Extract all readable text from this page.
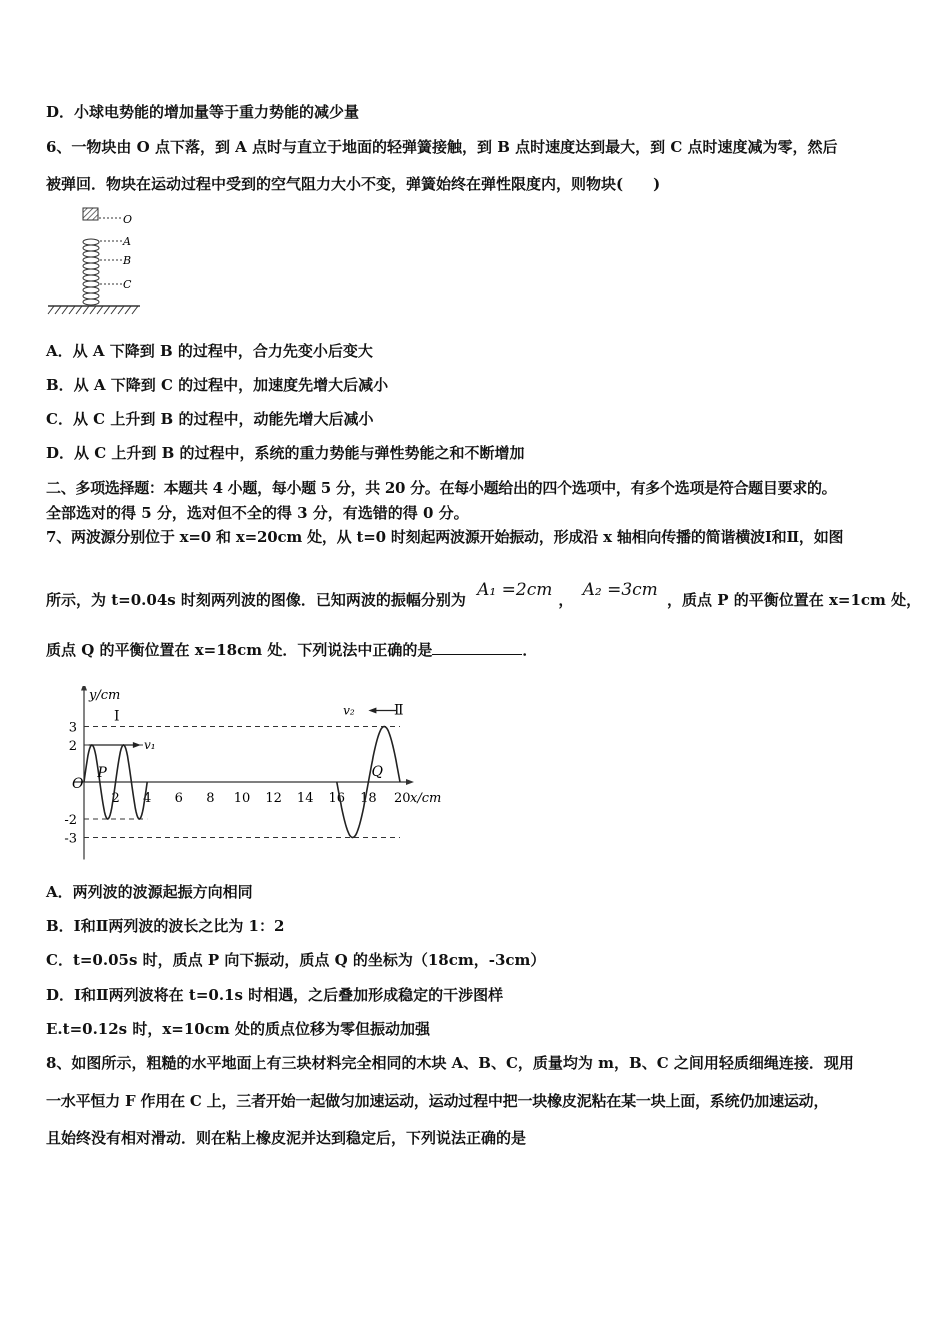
D．小球电势能的增加量等于重力势能的减少量
6、一物块由 O 点下落，到 A 点时与直立于地面的轻弹簧接触，到 B 点时速度达到最大，到 C 点时速度减为零，然后
被弹回．物块在运动过程中受到的空气阻力大小不变，弹簧始终在弹性限度内，则物块(　　)
O
A
B
C
A．从 A 下降到 B 的过程中，合力先变小后变大
B．从 A 下降到 C 的过程中，加速度先增大后减小
C．从 C 上升到 B 的过程中，动能先增大后减小
D．从 C 上升到 B 的过程中，系统的重力势能与弹性势能之和不断增加
二、多项选择题：本题共 4 小题，每小题 5 分，共 20 分。在每小题给出的四个选项中，有多个选项是符合题目要求的。
全部选对的得 5 分，选对但不全的得 3 分，有选错的得 0 分。
7、两波源分别位于 x=0 和 x=20cm 处，从 t=0 时刻起两波源开始振动，形成沿 x 轴相向传播的简谐横波Ⅰ和Ⅱ，如图
所示，为 t=0.04s 时刻两列波的图像．已知两波的振幅分别为 A₁ =2cm ， A₂ =3cm ，质点 P 的平衡位置在 x=1cm 处，
质点 Q 的平衡位置在 x=18cm 处．下列说法中正确的是	．
y/cm
2 4 6 8 10 12 14 16 18 20 x/cm
3
2
-2
-3
O
Ⅰ
v₁
Ⅱ
v₂
P	Q
A．两列波的波源起振方向相同
B．Ⅰ和Ⅱ两列波的波长之比为 1：2
C．t=0.05s 时，质点 P 向下振动，质点 Q 的坐标为（18cm，-3cm）
D．Ⅰ和Ⅱ两列波将在 t=0.1s 时相遇，之后叠加形成稳定的干涉图样
E.t=0.12s 时，x=10cm 处的质点位移为零但振动加强
8、如图所示，粗糙的水平地面上有三块材料完全相同的木块 A、B、C，质量均为 m，B、C 之间用轻质细绳连接．现用
一水平恒力 F 作用在 C 上，三者开始一起做匀加速运动，运动过程中把一块橡皮泥粘在某一块上面，系统仍加速运动，
且始终没有相对滑动．则在粘上橡皮泥并达到稳定后，下列说法正确的是
